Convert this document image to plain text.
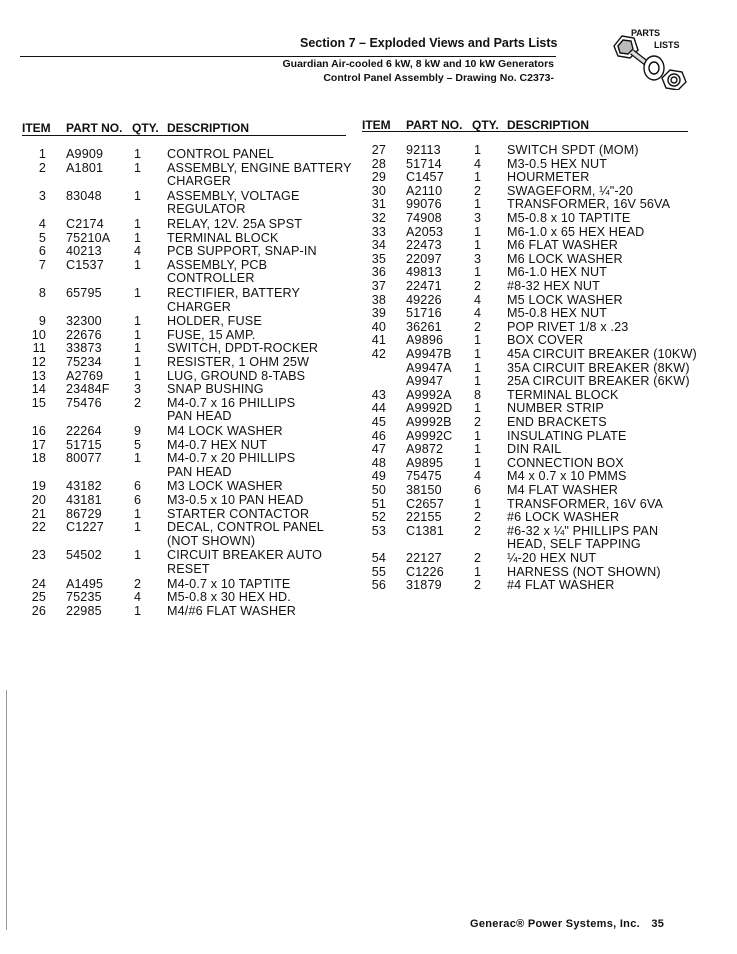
Section 7 – Exploded Views and Parts Lists
Guardian Air-cooled 6 kW, 8 kW and 10 kW Generators
Control Panel Assembly – Drawing No. C2373-
PARTS
LISTS
ITEM PART NO. QTY. DESCRIPTION	ITEM PART NO. QTY. DESCRIPTION
1 A9909 1 CONTROL PANEL
2 A1801 1 ASSEMBLY, ENGINE BATTERY
CHARGER
3 83048	1 ASSEMBLY, VOLTAGE
REGULATOR
4 C2174 1 RELAY, 12V. 25A SPST
5 75210A 1 TERMINAL BLOCK
6 40213	4 PCB SUPPORT, SNAP-IN
7 C1537 1 ASSEMBLY, PCB
CONTROLLER
8 65795	1 RECTIFIER, BATTERY
CHARGER
9 32300	1 HOLDER, FUSE
10 22676	1 FUSE, 15 AMP.
11 33873	1 SWITCH, DPDT-ROCKER
12 75234	1 RESISTER, 1 OHM 25W
13 A2769 1 LUG, GROUND 8-TABS
14 23484F 3 SNAP BUSHING
15 75476	2 M4-0.7 x 16 PHILLIPS
PAN HEAD
16 22264	9 M4 LOCK WASHER
17 51715	5 M4-0.7 HEX NUT
18 80077	1 M4-0.7 x 20 PHILLIPS
PAN HEAD
19 43182	6 M3 LOCK WASHER
20 43181	6 M3-0.5 x 10 PAN HEAD
21 86729	1 STARTER CONTACTOR
22 C1227 1 DECAL, CONTROL PANEL
(NOT SHOWN)
23 54502	1 CIRCUIT BREAKER AUTO
RESET
24 A1495 2 M4-0.7 x 10 TAPTITE
25 75235	4 M5-0.8 x 30 HEX HD.
26 22985	1 M4/#6 FLAT WASHER
27 92113	1 SWITCH SPDT (MOM)
28 51714	4 M3-0.5 HEX NUT
29 C1457 1 HOURMETER
30 A2110	2 SWAGEFORM, ¼"-20
31 99076	1 TRANSFORMER, 16V 56VA
32 74908	3 M5-0.8 x 10 TAPTITE
33 A2053 1 M6-1.0 x 65 HEX HEAD
34 22473	1 M6 FLAT WASHER
35 22097	3 M6 LOCK WASHER
36 49813	1 M6-1.0 HEX NUT
37 22471	2 #8-32 HEX NUT
38 49226	4 M5 LOCK WASHER
39 51716	4 M5-0.8 HEX NUT
40 36261	2 POP RIVET 1/8 x .23
41 A9896 1 BOX COVER
42 A9947B 1 45A CIRCUIT BREAKER (10KW)
A9947A 1 35A CIRCUIT BREAKER (8KW)
A9947 1 25A CIRCUIT BREAKER (6KW)
43 A9992A 8 TERMINAL BLOCK
44 A9992D 1 NUMBER STRIP
45 A9992B 2 END BRACKETS
46 A9992C 1 INSULATING PLATE
47 A9872 1 DIN RAIL
48 A9895 1 CONNECTION BOX
49 75475	4 M4 x 0.7 x 10 PMMS
50 38150	6 M4 FLAT WASHER
51 C2657 1 TRANSFORMER, 16V 6VA
52 22155	2 #6 LOCK WASHER
53 C1381 2 #6-32 x ¼" PHILLIPS PAN
HEAD, SELF TAPPING
54 22127	2 ¼-20 HEX NUT
55 C1226 1 HARNESS (NOT SHOWN)
56 31879	2 #4 FLAT WASHER
Generac® Power Systems, Inc. 35
